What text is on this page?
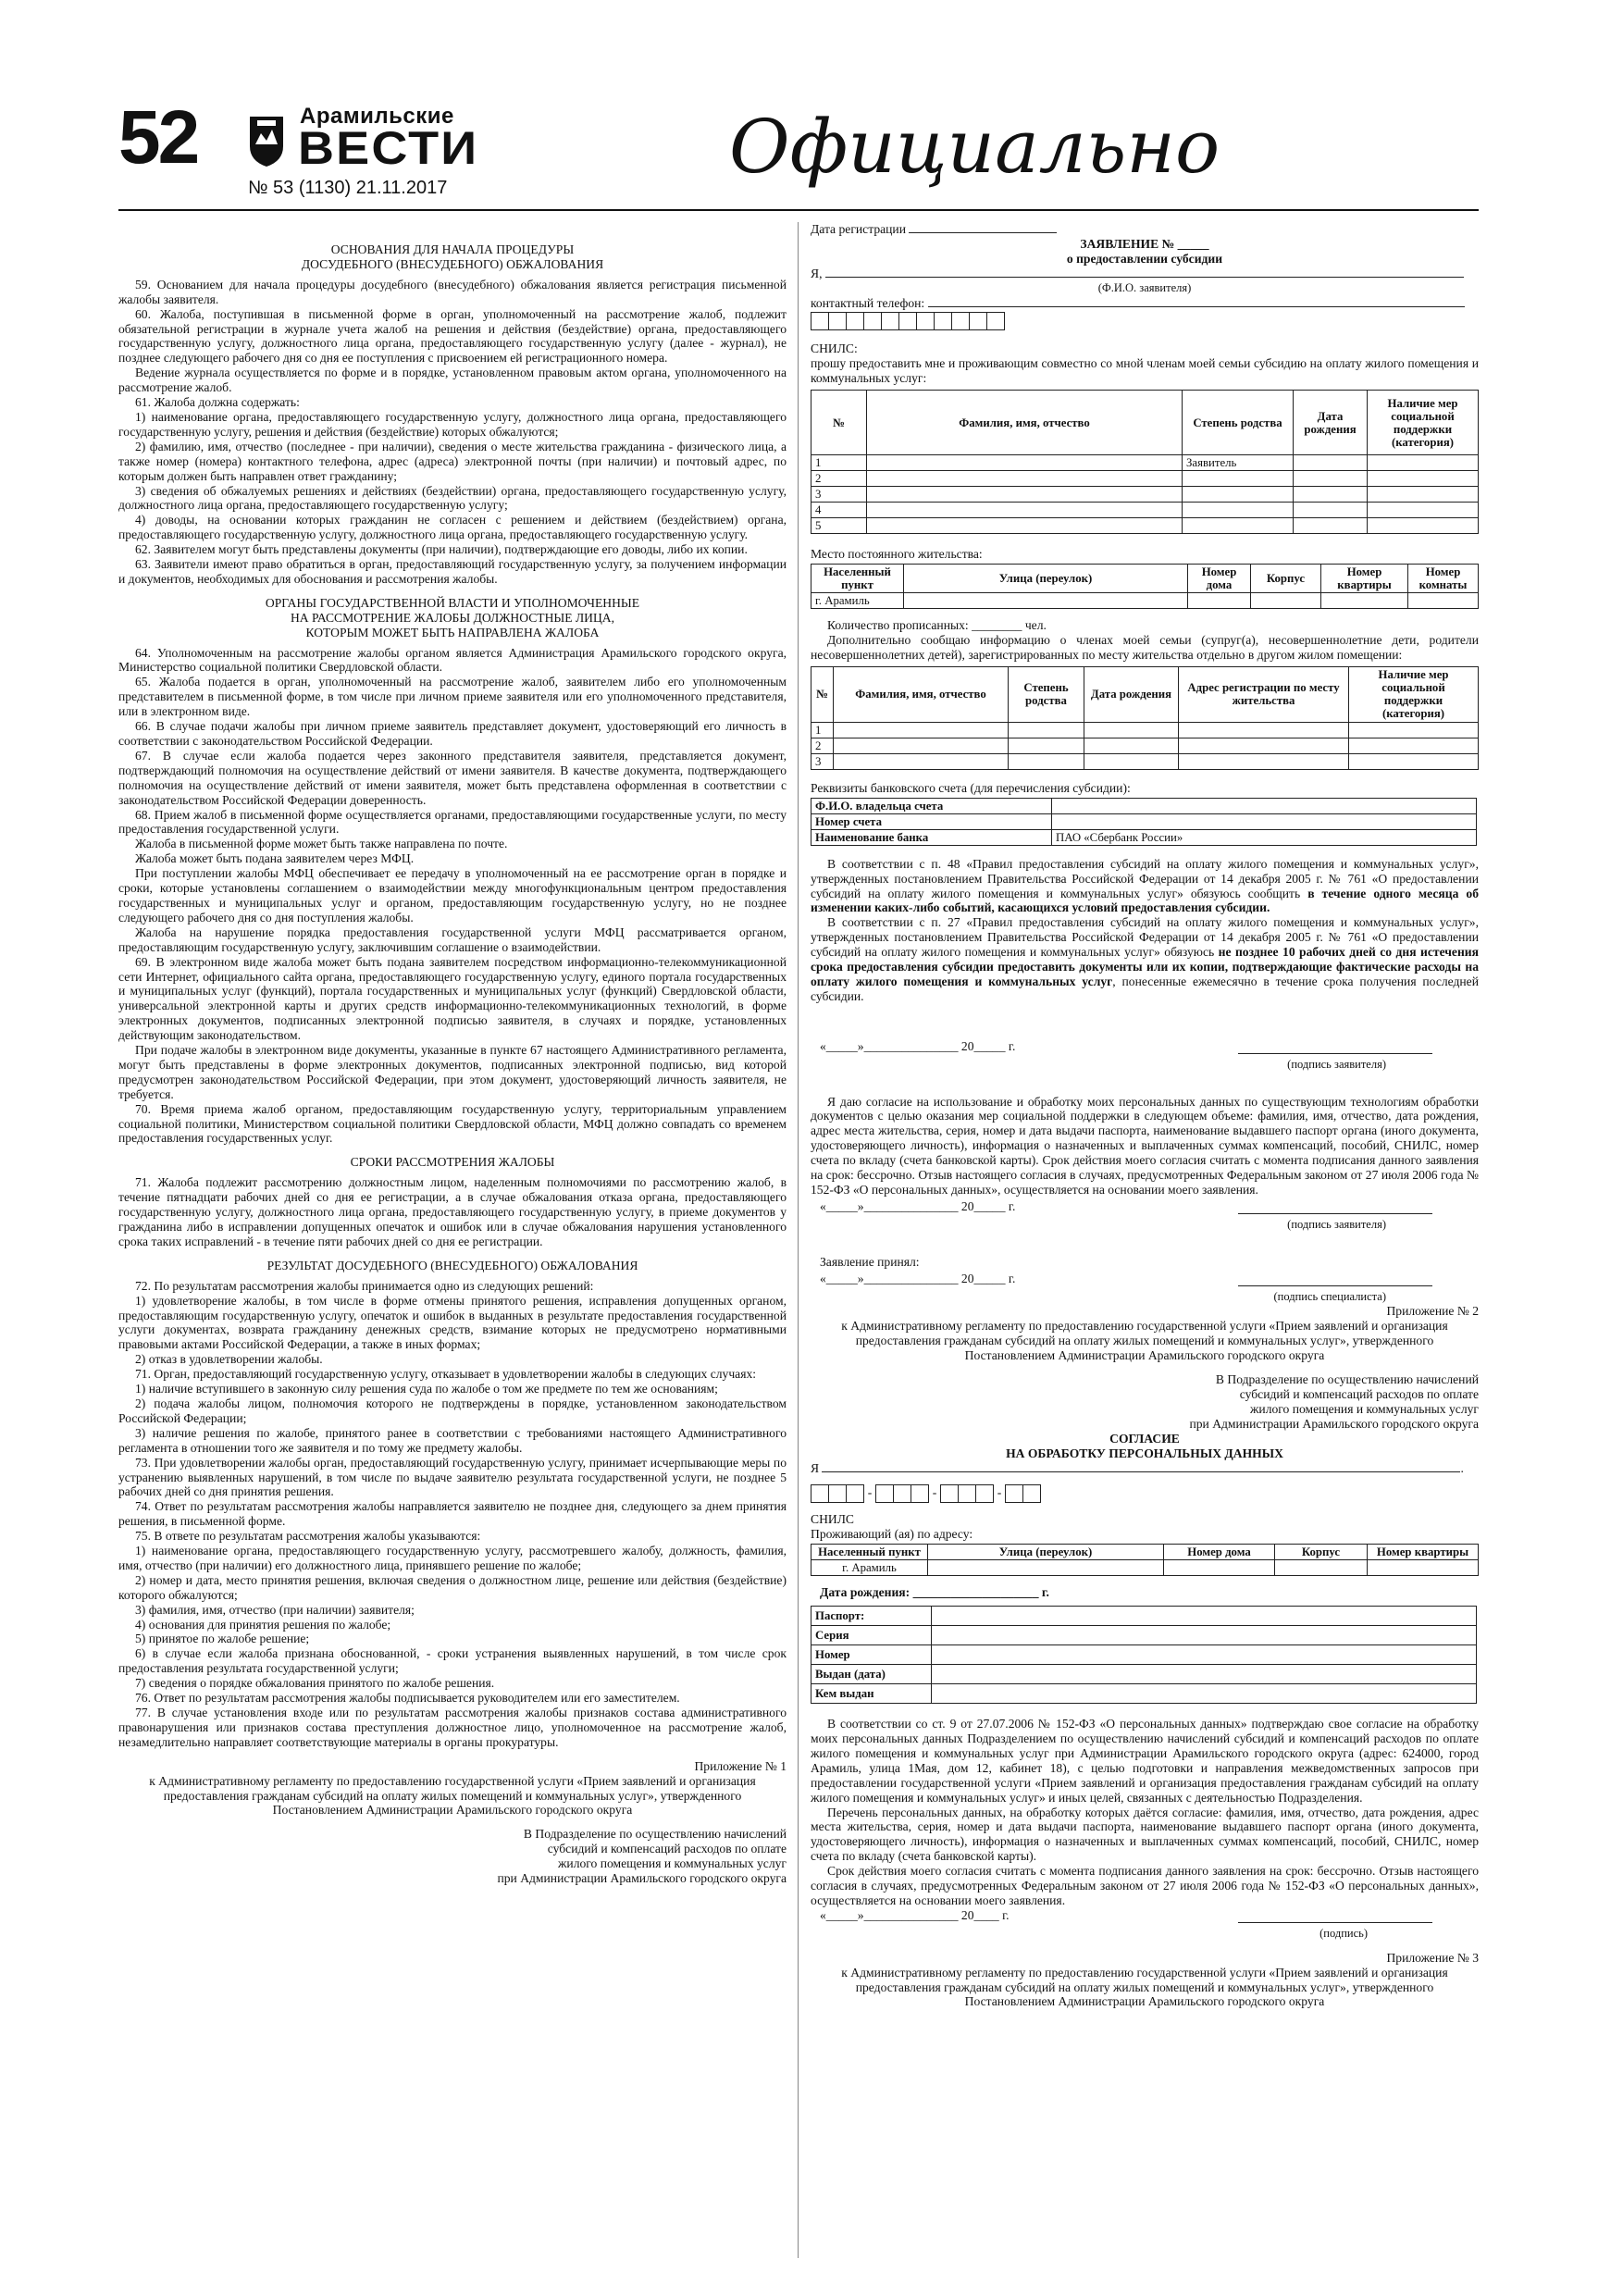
52	Арамильские
ВЕСТИ
№ 53 (1130) 21.11.2017	Официально
ОСНОВАНИЯ ДЛЯ НАЧАЛА ПРОЦЕДУРЫ
ДОСУДЕБНОГО (ВНЕСУДЕБНОГО) ОБЖАЛОВАНИЯ
59. Основанием для начала процедуры досудебного (внесудебного) обжалования является регистрация письменной жалобы заявителя.
60. Жалоба, поступившая в письменной форме в орган, уполномоченный на рассмотрение жалоб, подлежит обязательной регистрации в журнале учета жалоб на решения и действия (бездействие) органа, предоставляющего государственную услугу, должностного лица органа, предоставляющего государственную услугу (далее - журнал), не позднее следующего рабочего дня со дня ее поступления с присвоением ей регистрационного номера.
Ведение журнала осуществляется по форме и в порядке, установленном правовым актом органа, уполномоченного на рассмотрение жалоб.
61. Жалоба должна содержать:
1) наименование органа, предоставляющего государственную услугу, должностного лица органа, предоставляющего государственную услугу, решения и действия (бездействие) которых обжалуются;
2) фамилию, имя, отчество (последнее - при наличии), сведения о месте жительства гражданина - физического лица, а также номер (номера) контактного телефона, адрес (адреса) электронной почты (при наличии) и почтовый адрес, по которым должен быть направлен ответ гражданину;
3) сведения об обжалуемых решениях и действиях (бездействии) органа, предоставляющего государственную услугу, должностного лица органа, предоставляющего государственную услугу;
4) доводы, на основании которых гражданин не согласен с решением и действием (бездействием) органа, предоставляющего государственную услугу, должностного лица органа, предоставляющего государственную услугу.
62. Заявителем могут быть представлены документы (при наличии), подтверждающие его доводы, либо их копии.
63. Заявители имеют право обратиться в орган, предоставляющий государственную услугу, за получением информации и документов, необходимых для обоснования и рассмотрения жалобы.
ОРГАНЫ ГОСУДАРСТВЕННОЙ ВЛАСТИ И УПОЛНОМОЧЕННЫЕ
НА РАССМОТРЕНИЕ ЖАЛОБЫ ДОЛЖНОСТНЫЕ ЛИЦА,
КОТОРЫМ МОЖЕТ БЫТЬ НАПРАВЛЕНА ЖАЛОБА
64. Уполномоченным на рассмотрение жалобы органом является Администрация Арамильского городского округа, Министерство социальной политики Свердловской области.
65. Жалоба подается в орган, уполномоченный на рассмотрение жалоб, заявителем либо его уполномоченным представителем в письменной форме, в том числе при личном приеме заявителя или его уполномоченного представителя, или в электронном виде.
66. В случае подачи жалобы при личном приеме заявитель представляет документ, удостоверяющий его личность в соответствии с законодательством Российской Федерации.
67. В случае если жалоба подается через законного представителя заявителя, представляется документ, подтверждающий полномочия на осуществление действий от имени заявителя. В качестве документа, подтверждающего полномочия на осуществление действий от имени заявителя, может быть представлена оформленная в соответствии с законодательством Российской Федерации доверенность.
68. Прием жалоб в письменной форме осуществляется органами, предоставляющими государственные услуги, по месту предоставления государственной услуги.
Жалоба в письменной форме может быть также направлена по почте.
Жалоба может быть подана заявителем через МФЦ.
При поступлении жалобы МФЦ обеспечивает ее передачу в уполномоченный на ее рассмотрение орган в порядке и сроки, которые установлены соглашением о взаимодействии между многофункциональным центром предоставления государственных и муниципальных услуг и органом, предоставляющим государственную услугу, но не позднее следующего рабочего дня со дня поступления жалобы.
Жалоба на нарушение порядка предоставления государственной услуги МФЦ рассматривается органом, предоставляющим государственную услугу, заключившим соглашение о взаимодействии.
69. В электронном виде жалоба может быть подана заявителем посредством информационно-телекоммуникационной сети Интернет, официального сайта органа, предоставляющего государственную услугу, единого портала государственных и муниципальных услуг (функций), портала государственных и муниципальных услуг (функций) Свердловской области, универсальной электронной карты и других средств информационно-телекоммуникационных технологий, в форме электронных документов, подписанных электронной подписью заявителя, в случаях и порядке, установленных действующим законодательством.
При подаче жалобы в электронном виде документы, указанные в пункте 67 настоящего Административного регламента, могут быть представлены в форме электронных документов, подписанных электронной подписью, вид которой предусмотрен законодательством Российской Федерации, при этом документ, удостоверяющий личность заявителя, не требуется.
70. Время приема жалоб органом, предоставляющим государственную услугу, территориальным управлением социальной политики, Министерством социальной политики Свердловской области, МФЦ должно совпадать со временем предоставления государственных услуг.
СРОКИ РАССМОТРЕНИЯ ЖАЛОБЫ
71. Жалоба подлежит рассмотрению должностным лицом, наделенным полномочиями по рассмотрению жалоб, в течение пятнадцати рабочих дней со дня ее регистрации, а в случае обжалования отказа органа, предоставляющего государственную услугу, должностного лица органа, предоставляющего государственную услугу, в приеме документов у гражданина либо в исправлении допущенных опечаток и ошибок или в случае обжалования нарушения установленного срока таких исправлений - в течение пяти рабочих дней со дня ее регистрации.
РЕЗУЛЬТАТ ДОСУДЕБНОГО (ВНЕСУДЕБНОГО) ОБЖАЛОВАНИЯ
72. По результатам рассмотрения жалобы принимается одно из следующих решений:
1) удовлетворение жалобы, в том числе в форме отмены принятого решения, исправления допущенных органом, предоставляющим государственную услугу, опечаток и ошибок в выданных в результате предоставления государственной услуги документах, возврата гражданину денежных средств, взимание которых не предусмотрено нормативными правовыми актами Российской Федерации, а также в иных формах;
2) отказ в удовлетворении жалобы.
71. Орган, предоставляющий государственную услугу, отказывает в удовлетворении жалобы в следующих случаях:
1) наличие вступившего в законную силу решения суда по жалобе о том же предмете по тем же основаниям;
2) подача жалобы лицом, полномочия которого не подтверждены в порядке, установленном законодательством Российской Федерации;
3) наличие решения по жалобе, принятого ранее в соответствии с требованиями настоящего Административного регламента в отношении того же заявителя и по тому же предмету жалобы.
73. При удовлетворении жалобы орган, предоставляющий государственную услугу, принимает исчерпывающие меры по устранению выявленных нарушений, в том числе по выдаче заявителю результата государственной услуги, не позднее 5 рабочих дней со дня принятия решения.
74. Ответ по результатам рассмотрения жалобы направляется заявителю не позднее дня, следующего за днем принятия решения, в письменной форме.
75. В ответе по результатам рассмотрения жалобы указываются:
1) наименование органа, предоставляющего государственную услугу, рассмотревшего жалобу, должность, фамилия, имя, отчество (при наличии) его должностного лица, принявшего решение по жалобе;
2) номер и дата, место принятия решения, включая сведения о должностном лице, решение или действия (бездействие) которого обжалуются;
3) фамилия, имя, отчество (при наличии) заявителя;
4) основания для принятия решения по жалобе;
5) принятое по жалобе решение;
6) в случае если жалоба признана обоснованной, - сроки устранения выявленных нарушений, в том числе срок предоставления результата государственной услуги;
7) сведения о порядке обжалования принятого по жалобе решения.
76. Ответ по результатам рассмотрения жалобы подписывается руководителем или его заместителем.
77. В случае установления входе или по результатам рассмотрения жалобы признаков состава административного правонарушения или признаков состава преступления должностное лицо, уполномоченное на рассмотрение жалоб, незамедлительно направляет соответствующие материалы в органы прокуратуры.
Приложение № 1
к Административному регламенту по предоставлению государственной услуги «Прием заявлений и организация предоставления гражданам субсидий на оплату жилых помещений и коммунальных услуг», утвержденного Постановлением Администрации Арамильского городского округа
В Подразделение по осуществлению начислений
субсидий и компенсаций расходов по оплате
жилого помещения и коммунальных услуг
при Администрации Арамильского городского округа
Дата регистрации
ЗАЯВЛЕНИЕ № _____
о предоставлении субсидии
Я,
(Ф.И.О. заявителя)
контактный телефон:
СНИЛС:
прошу предоставить мне и проживающим совместно со мной членам моей семьи субсидию на оплату жилого помещения и коммунальных услуг:
№	Фамилия, имя, отчество	Степень родства	Дата рождения	Наличие мер социальной поддержки (категория)
1		Заявитель		
2				
3				
4				
5				
Место постоянного жительства:
Населенный пункт	Улица (переулок)	Номер дома	Корпус	Номер квартиры	Номер комнаты
г. Арамиль					
Количество прописанных: ________ чел.
Дополнительно сообщаю информацию о членах моей семьи (супруг(а), несовершеннолетние дети, родители несовершеннолетних детей), зарегистрированных по месту жительства отдельно в другом жилом помещении:
№	Фамилия, имя, отчество	Степень родства	Дата рождения	Адрес регистрации по месту жительства	Наличие мер социальной поддержки (категория)
1					
2					
3					
Реквизиты банковского счета (для перечисления субсидии):
Ф.И.О. владельца счета	
Номер счета	
Наименование банка	ПАО «Сбербанк России»
В соответствии с п. 48 «Правил предоставления субсидий на оплату жилого помещения и коммунальных услуг», утвержденных постановлением Правительства Российской Федерации от 14 декабря 2005 г. № 761 «О предоставлении субсидий на оплату жилого помещения и коммунальных услуг» обязуюсь сообщить в течение одного месяца об изменении каких-либо событий, касающихся условий предоставления субсидии.
В соответствии с п. 27 «Правил предоставления субсидий на оплату жилого помещения и коммунальных услуг», утвержденных постановлением Правительства Российской Федерации от 14 декабря 2005 г. № 761 «О предоставлении субсидий на оплату жилого помещения и коммунальных услуг» обязуюсь не позднее 10 рабочих дней со дня истечения срока предоставления субсидии предоставить документы или их копии, подтверждающие фактические расходы на оплату жилого помещения и коммунальных услуг, понесенные ежемесячно в течение срока получения последней субсидии.
«_____»_______________ 20_____ г.
(подпись заявителя)
Я даю согласие на использование и обработку моих персональных данных по существующим технологиям обработки документов с целью оказания мер социальной поддержки в следующем объеме: фамилия, имя, отчество, дата рождения, адрес места жительства, серия, номер и дата выдачи паспорта, наименование выдавшего паспорт органа (иного документа, удостоверяющего личность), информация о назначенных и выплаченных суммах компенсаций, пособий, СНИЛС, номер счета по вкладу (счета банковской карты). Срок действия моего согласия считать с момента подписания данного заявления на срок: бессрочно. Отзыв настоящего согласия в случаях, предусмотренных Федеральным законом от 27 июля 2006 года № 152-ФЗ «О персональных данных», осуществляется на основании моего заявления.
«_____»_______________ 20_____ г.
(подпись заявителя)
Заявление принял:
«_____»_______________ 20_____ г.
(подпись специалиста)
Приложение № 2
к Административному регламенту по предоставлению государственной услуги «Прием заявлений и организация предоставления гражданам субсидий на оплату жилых помещений и коммунальных услуг», утвержденного Постановлением Администрации Арамильского городского округа
В Подразделение по осуществлению начислений
субсидий и компенсаций расходов по оплате
жилого помещения и коммунальных услуг
при Администрации Арамильского городского округа
СОГЛАСИЕ
НА ОБРАБОТКУ ПЕРСОНАЛЬНЫХ ДАННЫХ
Я	.
-	-	-
СНИЛС
Проживающий (ая) по адресу:
Населенный пункт	Улица (переулок)	Номер дома	Корпус	Номер квартиры
г. Арамиль				
Дата рождения: ____________________ г.
Паспорт:	
Серия	
Номер	
Выдан (дата)	
Кем выдан	
В соответствии со ст. 9 от 27.07.2006 № 152-ФЗ «О персональных данных» подтверждаю свое согласие на обработку моих персональных данных Подразделением по осуществлению начислений субсидий и компенсаций расходов по оплате жилого помещения и коммунальных услуг при Администрации Арамильского городского округа (адрес: 624000, город Арамиль, улица 1Мая, дом 12, кабинет 18), с целью подготовки и направления межведомственных запросов при предоставлении государственной услуги «Прием заявлений и организация предоставления гражданам субсидий на оплату жилого помещения и коммунальных услуг» и иных целей, связанных с деятельностью Подразделения.
Перечень персональных данных, на обработку которых даётся согласие: фамилия, имя, отчество, дата рождения, адрес места жительства, серия, номер и дата выдачи паспорта, наименование выдавшего паспорт органа (иного документа, удостоверяющего личность), информация о назначенных и выплаченных суммах компенсаций, пособий, СНИЛС, номер счета по вкладу (счета банковской карты).
Срок действия моего согласия считать с момента подписания данного заявления на срок: бессрочно. Отзыв настоящего согласия в случаях, предусмотренных Федеральным законом от 27 июля 2006 года № 152-ФЗ «О персональных данных», осуществляется на основании моего заявления.
«_____»_______________ 20____ г.
(подпись)
Приложение № 3
к Административному регламенту по предоставлению государственной услуги «Прием заявлений и организация предоставления гражданам субсидий на оплату жилых помещений и коммунальных услуг», утвержденного Постановлением Администрации Арамильского городского округа
